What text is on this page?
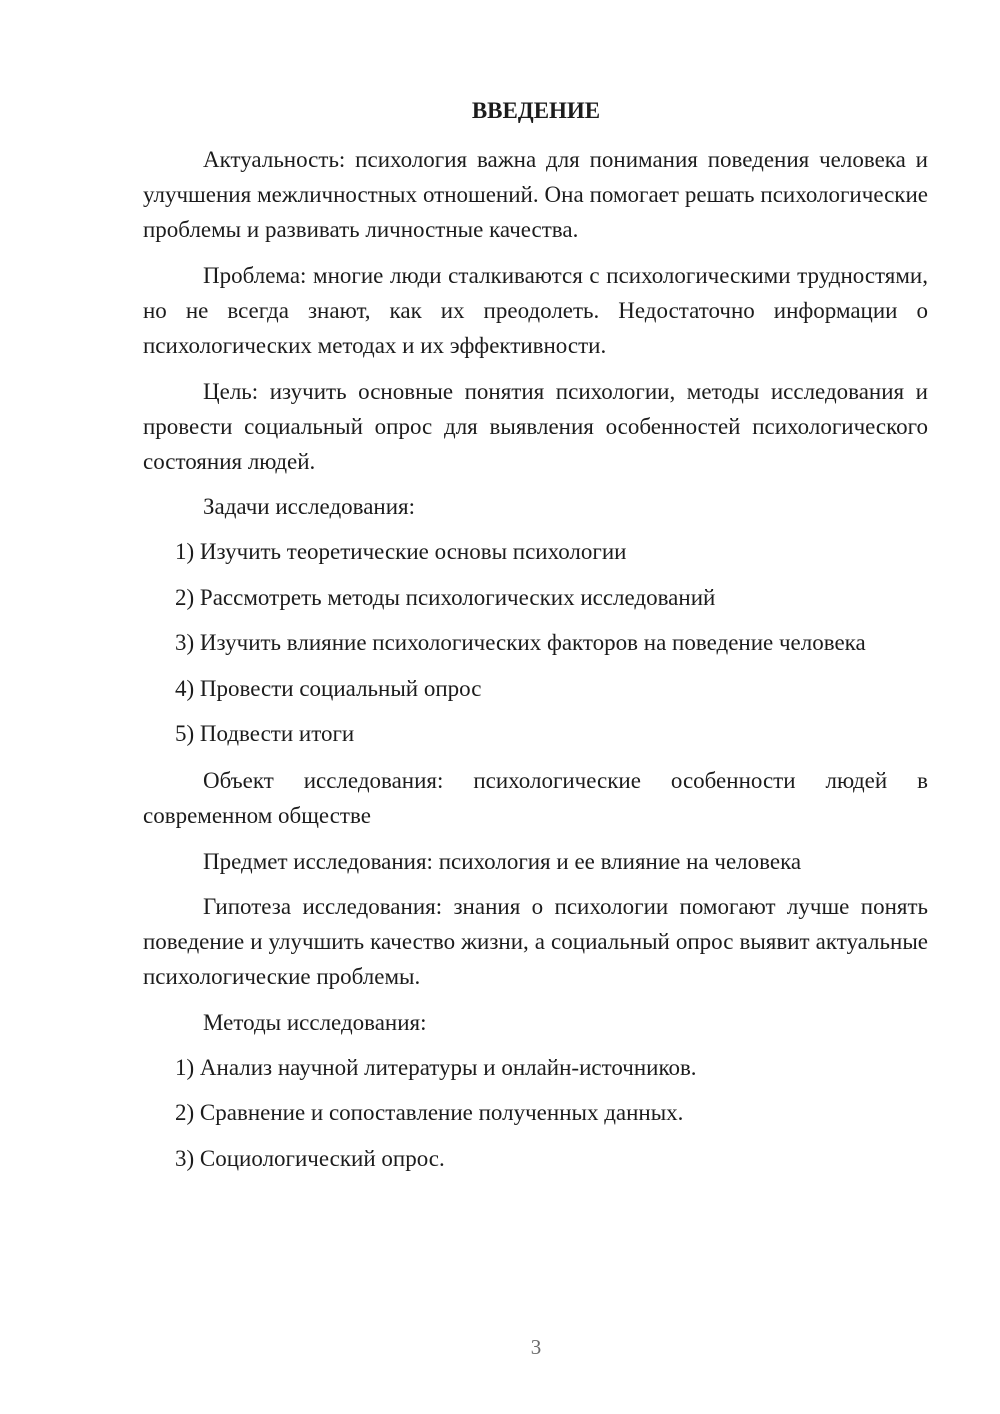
ВВЕДЕНИЕ

Актуальность: психология важна для понимания поведения человека и улучшения межличностных отношений. Она помогает решать психологические проблемы и развивать личностные качества.

Проблема: многие люди сталкиваются с психологическими трудностями, но не всегда знают, как их преодолеть. Недостаточно информации о психологических методах и их эффективности.

Цель: изучить основные понятия психологии, методы исследования и провести социальный опрос для выявления особенностей психологического состояния людей.

Задачи исследования:

1) Изучить теоретические основы психологии

2) Рассмотреть методы психологических исследований

3) Изучить влияние психологических факторов на поведение человека

4) Провести социальный опрос

5) Подвести итоги

Объект исследования: психологические особенности людей в современном обществе

Предмет исследования: психология и ее влияние на человека

Гипотеза исследования: знания о психологии помогают лучше понять поведение и улучшить качество жизни, а социальный опрос выявит актуальные психологические проблемы.

Методы исследования:

1) Анализ научной литературы и онлайн-источников.

2) Сравнение и сопоставление полученных данных.

3) Социологический опрос.

3
